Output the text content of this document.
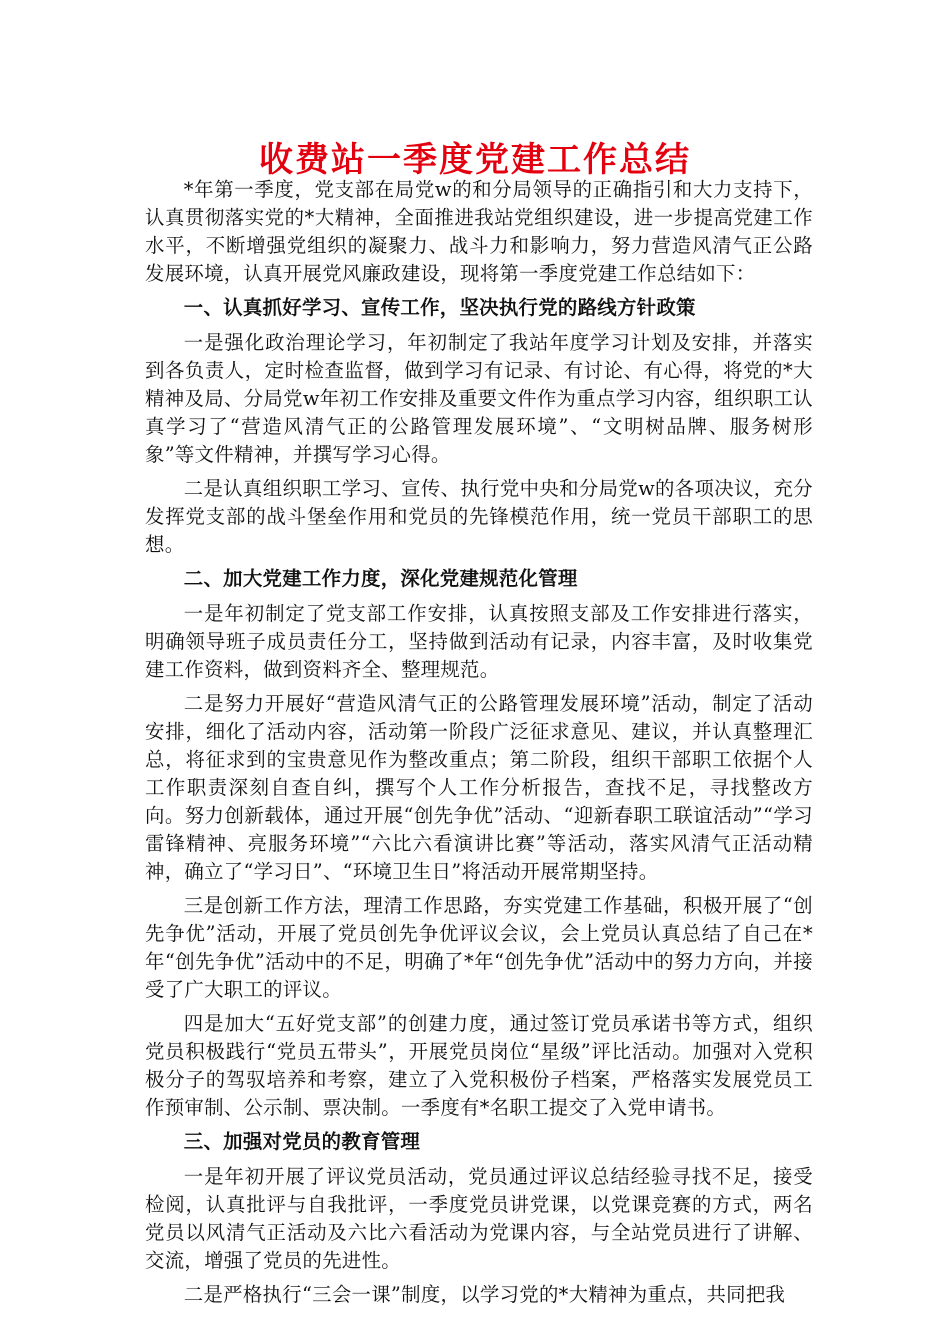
收费站一季度党建工作总结

*年第一季度，党支部在局党w的和分局领导的正确指引和大力支持下，认真贯彻落实党的*大精神，全面推进我站党组织建设，进一步提高党建工作水平，不断增强党组织的凝聚力、战斗力和影响力，努力营造风清气正公路发展环境，认真开展党风廉政建设，现将第一季度党建工作总结如下：

一、认真抓好学习、宣传工作，坚决执行党的路线方针政策

一是强化政治理论学习，年初制定了我站年度学习计划及安排，并落实到各负责人，定时检查监督，做到学习有记录、有讨论、有心得，将党的*大精神及局、分局党w年初工作安排及重要文件作为重点学习内容，组织职工认真学习了“营造风清气正的公路管理发展环境”、“文明树品牌、服务树形象”等文件精神，并撰写学习心得。

二是认真组织职工学习、宣传、执行党中央和分局党w的各项决议，充分发挥党支部的战斗堡垒作用和党员的先锋模范作用，统一党员干部职工的思想。

二、加大党建工作力度，深化党建规范化管理

一是年初制定了党支部工作安排，认真按照支部及工作安排进行落实，明确领导班子成员责任分工，坚持做到活动有记录，内容丰富，及时收集党建工作资料，做到资料齐全、整理规范。

二是努力开展好“营造风清气正的公路管理发展环境”活动，制定了活动安排，细化了活动内容，活动第一阶段广泛征求意见、建议，并认真整理汇总，将征求到的宝贵意见作为整改重点；第二阶段，组织干部职工依据个人工作职责深刻自查自纠，撰写个人工作分析报告，查找不足，寻找整改方向。努力创新载体，通过开展“创先争优”活动、“迎新春职工联谊活动”“学习雷锋精神、亮服务环境”“六比六看演讲比赛”等活动，落实风清气正活动精神，确立了“学习日”、“环境卫生日”将活动开展常期坚持。

三是创新工作方法，理清工作思路，夯实党建工作基础，积极开展了“创先争优”活动，开展了党员创先争优评议会议，会上党员认真总结了自己在*年“创先争优”活动中的不足，明确了*年“创先争优”活动中的努力方向，并接受了广大职工的评议。

四是加大“五好党支部”的创建力度，通过签订党员承诺书等方式，组织党员积极践行“党员五带头”，开展党员岗位“星级”评比活动。加强对入党积极分子的驾驭培养和考察，建立了入党积极份子档案，严格落实发展党员工作预审制、公示制、票决制。一季度有*名职工提交了入党申请书。

三、加强对党员的教育管理

一是年初开展了评议党员活动，党员通过评议总结经验寻找不足，接受检阅，认真批评与自我批评，一季度党员讲党课，以党课竞赛的方式，两名党员以风清气正活动及六比六看活动为党课内容，与全站党员进行了讲解、交流，增强了党员的先进性。

二是严格执行“三会一课”制度，以学习党的*大精神为重点，共同把我
